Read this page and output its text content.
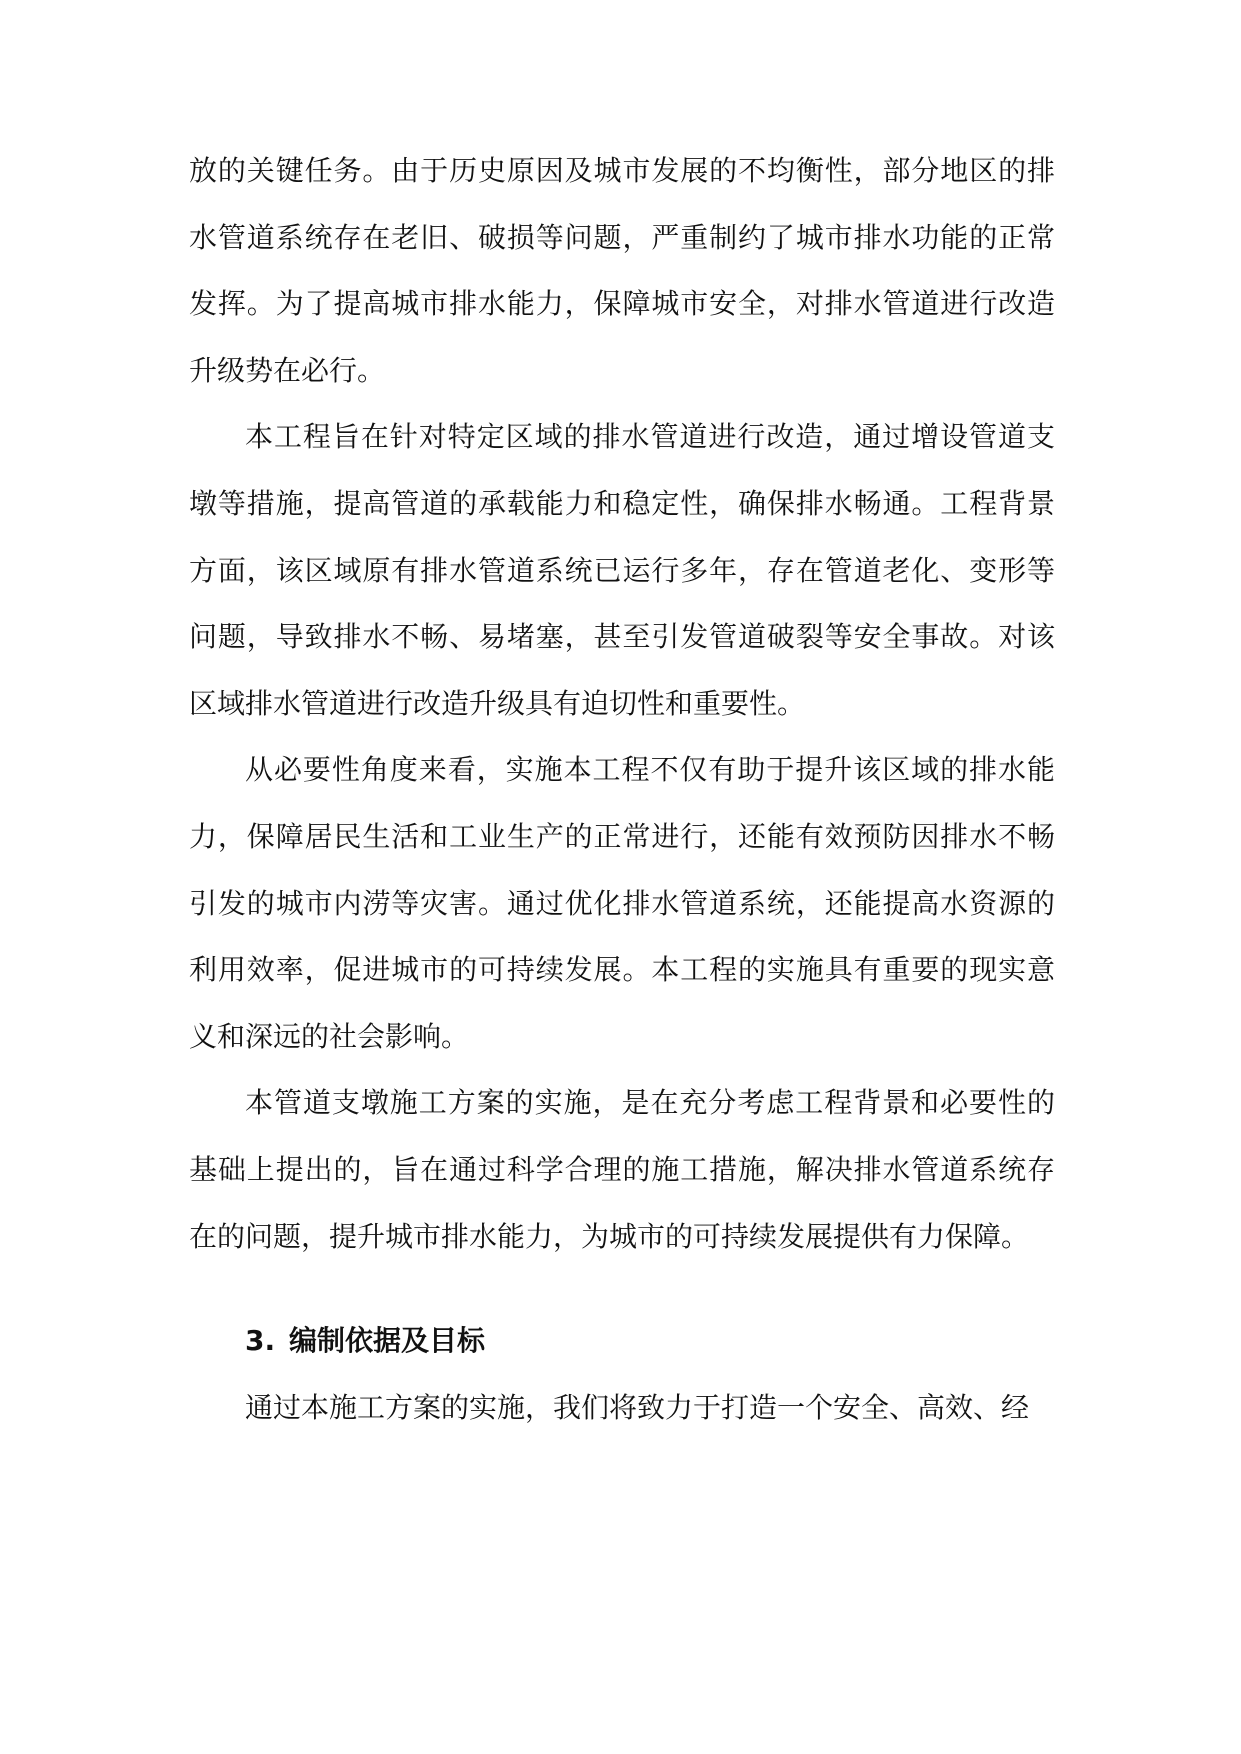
放的关键任务。由于历史原因及城市发展的不均衡性，部分地区的排水管道系统存在老旧、破损等问题，严重制约了城市排水功能的正常发挥。为了提高城市排水能力，保障城市安全，对排水管道进行改造升级势在必行。

本工程旨在针对特定区域的排水管道进行改造，通过增设管道支墩等措施，提高管道的承载能力和稳定性，确保排水畅通。工程背景方面，该区域原有排水管道系统已运行多年，存在管道老化、变形等问题，导致排水不畅、易堵塞，甚至引发管道破裂等安全事故。对该区域排水管道进行改造升级具有迫切性和重要性。

从必要性角度来看，实施本工程不仅有助于提升该区域的排水能力，保障居民生活和工业生产的正常进行，还能有效预防因排水不畅引发的城市内涝等灾害。通过优化排水管道系统，还能提高水资源的利用效率，促进城市的可持续发展。本工程的实施具有重要的现实意义和深远的社会影响。

本管道支墩施工方案的实施，是在充分考虑工程背景和必要性的基础上提出的，旨在通过科学合理的施工措施，解决排水管道系统存在的问题，提升城市排水能力，为城市的可持续发展提供有力保障。

3. 编制依据及目标

通过本施工方案的实施，我们将致力于打造一个安全、高效、经
